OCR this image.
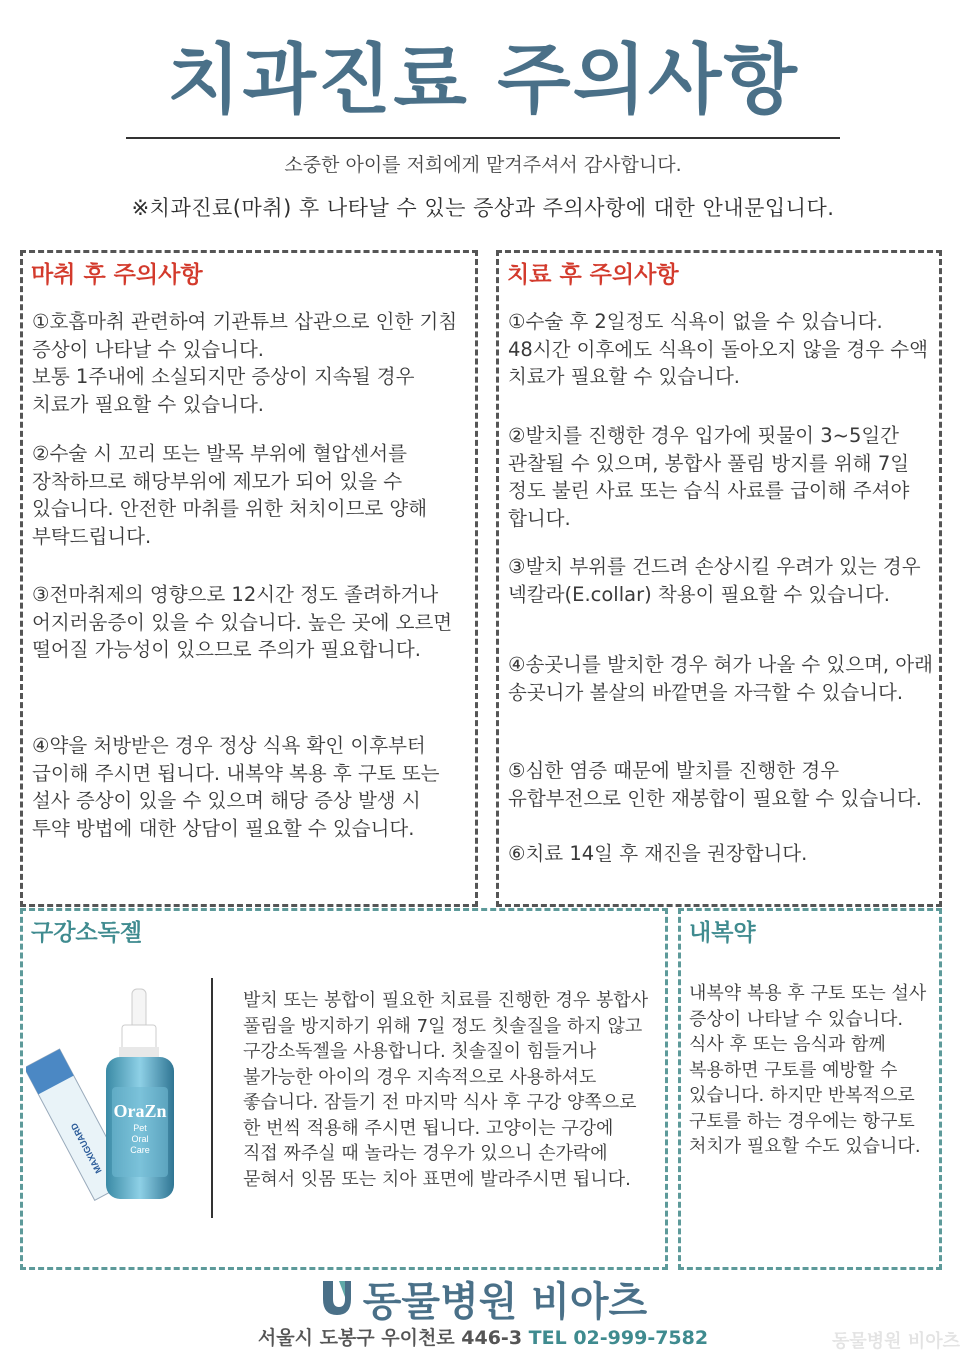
치과진료 주의사항
소중한 아이를 저희에게 맡겨주셔서 감사합니다.
※치과진료(마취) 후 나타날 수 있는 증상과 주의사항에 대한 안내문입니다.
마취 후 주의사항
①호흡마취 관련하여 기관튜브 삽관으로 인한 기침 증상이 나타날 수 있습니다.
보통 1주내에 소실되지만 증상이 지속될 경우 치료가 필요할 수 있습니다.
②수술 시 꼬리 또는 발목 부위에 혈압센서를 장착하므로 해당부위에 제모가 되어 있을 수 있습니다. 안전한 마취를 위한 처치이므로 양해 부탁드립니다.
③전마취제의 영향으로 12시간 정도 졸려하거나 어지러움증이 있을 수 있습니다. 높은 곳에 오르면 떨어질 가능성이 있으므로 주의가 필요합니다.
④약을 처방받은 경우 정상 식욕 확인 이후부터 급이해 주시면 됩니다. 내복약 복용 후 구토 또는 설사 증상이 있을 수 있으며 해당 증상 발생 시 투약 방법에 대한 상담이 필요할 수 있습니다.
치료 후 주의사항
①수술 후 2일정도 식욕이 없을 수 있습니다.
48시간 이후에도 식욕이 돌아오지 않을 경우 수액 치료가 필요할 수 있습니다.
②발치를 진행한 경우 입가에 핏물이 3~5일간 관찰될 수 있으며, 봉합사 풀림 방지를 위해 7일 정도 불린 사료 또는 습식 사료를 급이해 주셔야 합니다.
③발치 부위를 건드려 손상시킬 우려가 있는 경우 넥칼라(E.collar) 착용이 필요할 수 있습니다.
④송곳니를 발치한 경우 혀가 나올 수 있으며, 아래 송곳니가 볼살의 바깥면을 자극할 수 있습니다.
⑤심한 염증 때문에 발치를 진행한 경우 유합부전으로 인한 재봉합이 필요할 수 있습니다.
⑥치료 14일 후 재진을 권장합니다.
구강소독젤
발치 또는 봉합이 필요한 치료를 진행한 경우 봉합사 풀림을 방지하기 위해 7일 정도 칫솔질을 하지 않고 구강소독젤을 사용합니다. 칫솔질이 힘들거나 불가능한 아이의 경우 지속적으로 사용하셔도 좋습니다. 잠들기 전 마지막 식사 후 구강 양쪽으로 한 번씩 적용해 주시면 됩니다. 고양이는 구강에 직접 짜주실 때 놀라는 경우가 있으니 손가락에 묻혀서 잇몸 또는 치아 표면에 발라주시면 됩니다.
MAXIGUARD
OraZn
Pet
Oral
Care
내복약
내복약 복용 후 구토 또는 설사 증상이 나타날 수 있습니다. 식사 후 또는 음식과 함께 복용하면 구토를 예방할 수 있습니다. 하지만 반복적으로 구토를 하는 경우에는 항구토 처치가 필요할 수도 있습니다.
동물병원 비아츠
서울시 도봉구 우이천로 446-3 TEL 02-999-7582	동물병원 비아츠
